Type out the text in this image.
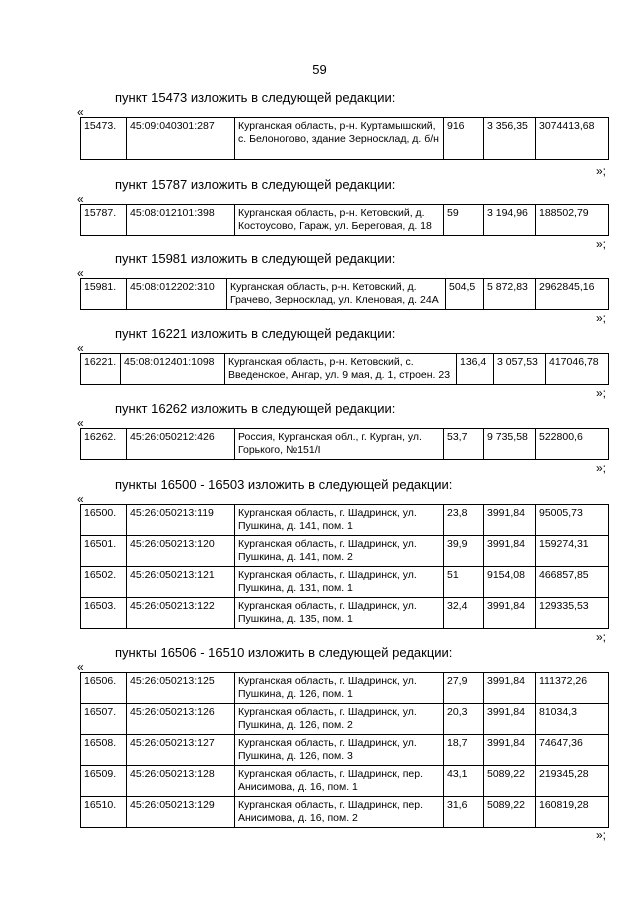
59
пункт 15473 изложить в следующей редакции:
«
15473.	45:09:040301:287	Курганская область, р-н. Куртамышский, с. Белоногово, здание Зерносклад, д. б/н	916	3 356,35	3074413,68
»;
пункт 15787 изложить в следующей редакции:
«
15787.	45:08:012101:398	Курганская область, р-н. Кетовский, д. Костоусово, Гараж, ул. Береговая, д. 18	59	3 194,96	188502,79
»;
пункт 15981 изложить в следующей редакции:
«
15981.	45:08:012202:310	Курганская область, р-н. Кетовский, д. Грачево, Зерносклад, ул. Кленовая, д. 24А	504,5	5 872,83	2962845,16
»;
пункт 16221 изложить в следующей редакции:
«
16221.	45:08:012401:1098	Курганская область, р-н. Кетовский, с. Введенское, Ангар, ул. 9 мая, д. 1, строен. 23	136,4	3 057,53	417046,78
»;
пункт 16262 изложить в следующей редакции:
«
16262.	45:26:050212:426	Россия, Курганская обл., г. Курган, ул. Горького, №151/I	53,7	9 735,58	522800,6
»;
пункты 16500 - 16503 изложить в следующей редакции:
«
16500.	45:26:050213:119	Курганская область, г. Шадринск, ул. Пушкина, д. 141, пом. 1	23,8	3991,84	95005,73
16501.	45:26:050213:120	Курганская область, г. Шадринск, ул. Пушкина, д. 141, пом. 2	39,9	3991,84	159274,31
16502.	45:26:050213:121	Курганская область, г. Шадринск, ул. Пушкина, д. 131, пом. 1	51	9154,08	466857,85
16503.	45:26:050213:122	Курганская область, г. Шадринск, ул. Пушкина, д. 135, пом. 1	32,4	3991,84	129335,53
»;
пункты 16506 - 16510 изложить в следующей редакции:
«
16506.	45:26:050213:125	Курганская область, г. Шадринск, ул. Пушкина, д. 126, пом. 1	27,9	3991,84	111372,26
16507.	45:26:050213:126	Курганская область, г. Шадринск, ул. Пушкина, д. 126, пом. 2	20,3	3991,84	81034,3
16508.	45:26:050213:127	Курганская область, г. Шадринск, ул. Пушкина, д. 126, пом. 3	18,7	3991,84	74647,36
16509.	45:26:050213:128	Курганская область, г. Шадринск, пер. Анисимова, д. 16, пом. 1	43,1	5089,22	219345,28
16510.	45:26:050213:129	Курганская область, г. Шадринск, пер. Анисимова, д. 16, пом. 2	31,6	5089,22	160819,28
»;
